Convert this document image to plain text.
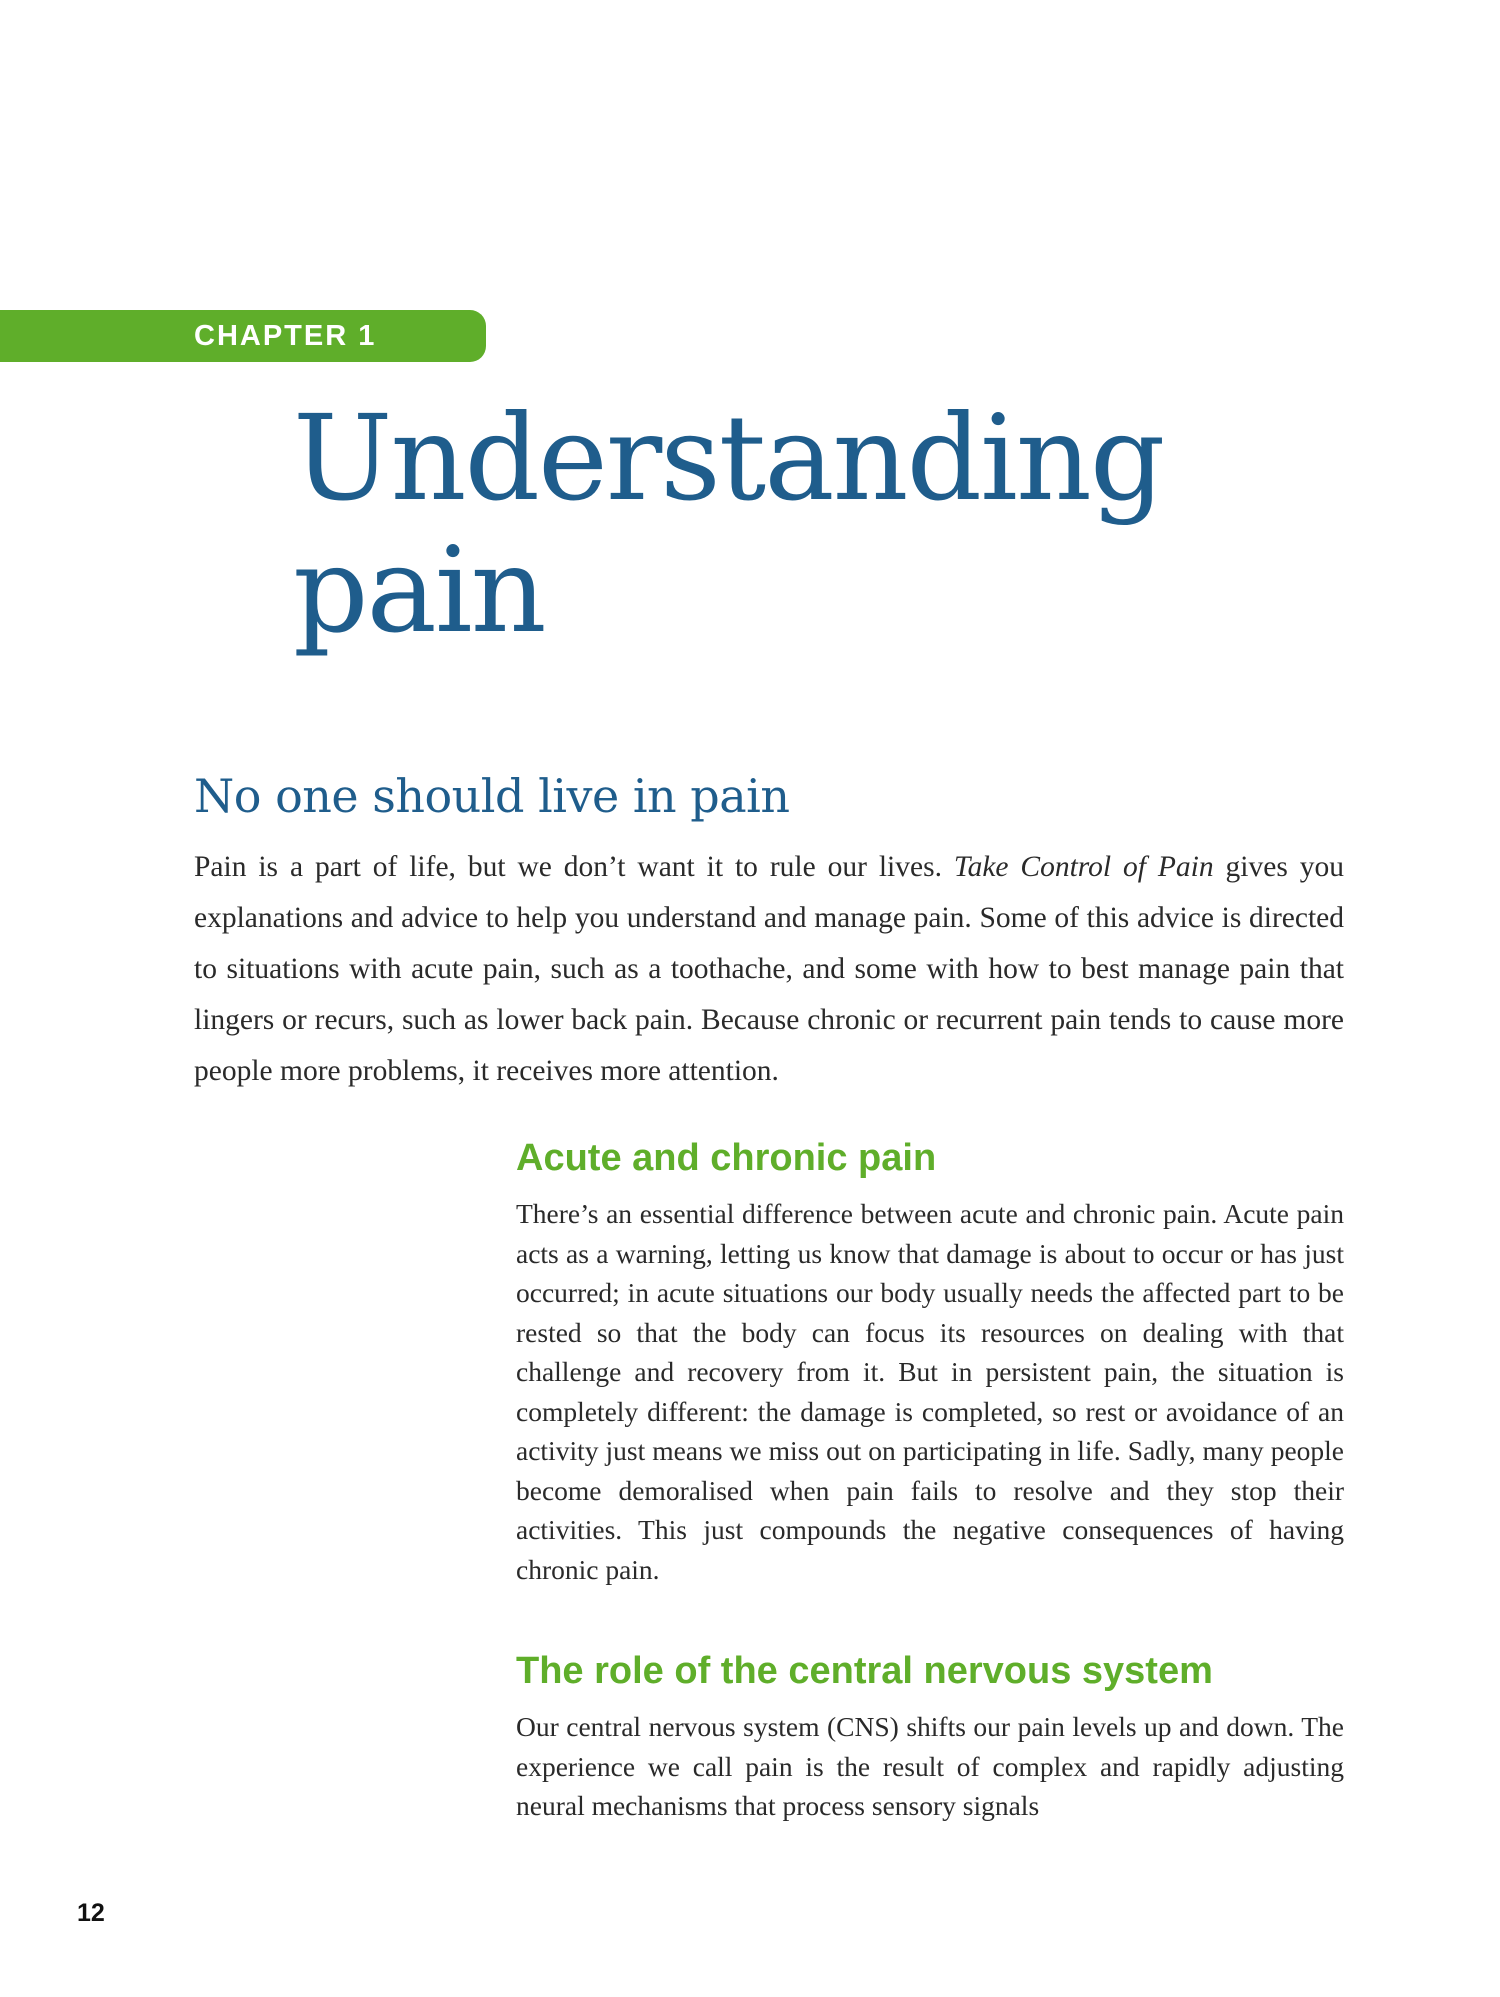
CHAPTER 1
Understanding
pain
No one should live in pain

Pain is a part of life, but we don’t want it to rule our lives. Take Control of Pain gives you explanations and advice to help you understand and manage pain. Some of this advice is directed to situations with acute pain, such as a toothache, and some with how to best manage pain that lingers or recurs, such as lower back pain. Because chronic or recurrent pain tends to cause more people more problems, it receives more attention.

Acute and chronic pain

There’s an essential difference between acute and chronic pain. Acute pain acts as a warning, letting us know that damage is about to occur or has just occurred; in acute situations our body usually needs the affected part to be rested so that the body can focus its resources on dealing with that challenge and recovery from it. But in persistent pain, the situation is completely different: the damage is completed, so rest or avoidance of an activity just means we miss out on participating in life. Sadly, many people become demoralised when pain fails to resolve and they stop their activities. This just compounds the negative consequences of having chronic pain.

The role of the central nervous system

Our central nervous system (CNS) shifts our pain levels up and down. The experience we call pain is the result of complex and rapidly adjusting neural mechanisms that process sensory signals

12
